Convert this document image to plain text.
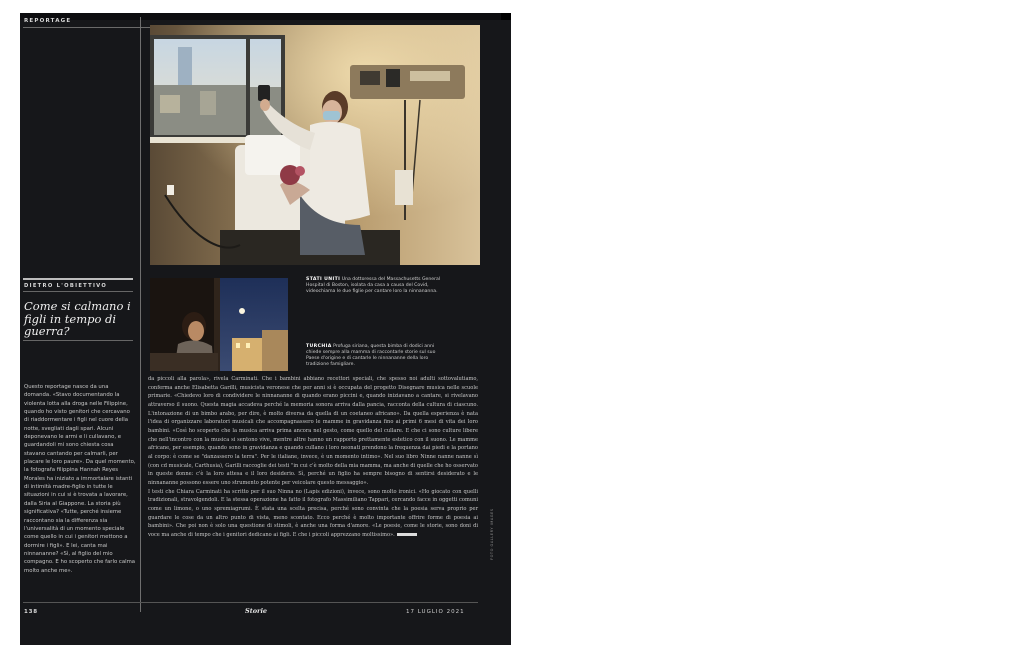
REPORTAGE
STATI UNITI Una dottoressa del Massachusetts General Hospital di Boston, isolata da casa a causa del Covid, videochiama le due figlie per cantare loro la ninnananna.
TURCHIA Profuga siriana, questa bimba di dodici anni chiede sempre alla mamma di raccontarle storie sul suo Paese d'origine e di cantarle le ninnananne della loro tradizione famigliare.
DIETRO L'OBIETTIVO
Come si calmano i figli in tempo di guerra?
Questo reportage nasce da una domanda. «Stavo documentando la violenta lotta alla droga nelle Filippine, quando ho visto genitori che cercavano di riaddormentare i figli nel cuore della notte, svegliati dagli spari. Alcuni deponevano le armi e li cullavano, e guardandoli mi sono chiesta cosa stavano cantando per calmarli, per placare le loro paure». Da quel momento, la fotografa filippina Hannah Reyes Morales ha iniziato a immortalare istanti di intimità madre-figlio in tutte le situazioni in cui si è trovata a lavorare, dalla Siria al Giappone. La storia più significativa? «Tutte, perché insieme raccontano sia la differenza sia l'universalità di un momento speciale come quello in cui i genitori mettono a dormire i figli». E lei, canta mai ninnananne? «Sì, al figlio del mio compagno. E ho scoperto che farlo calma molto anche me».
da piccoli alla parola», rivela Carminati. Che i bambini abbiano recettori speciali, che spesso noi adulti sottovalutiamo, conferma anche Elisabetta Garilli, musicista veronese che per anni si è occupata del progetto Disegnare musica nelle scuole primarie. «Chiedevo loro di condividere le ninnananne di quando erano piccini e, quando iniziavano a cantare, si rivelavano attraverso il suono. Questa magia accadeva perché la memoria sonora arriva dalla pancia, racconta della cultura di ciascuno. L'intonazione di un bimbo arabo, per dire, è molto diversa da quella di un coetaneo africano». Da quella esperienza è nata l'idea di organizzare laboratori musicali che accompagnassero le mamme in gravidanza fino ai primi 6 mesi di vita dei loro bambini. «Così ho scoperto che la musica arriva prima ancora nel gesto, come quello del cullare. E che ci sono culture libere che nell'incontro con la musica si sentono vive, mentre altre hanno un rapporto prettamente estetico con il suono. Le mamme africane, per esempio, quando sono in gravidanza e quando cullano i loro neonati prendono la frequenza dai piedi e la portano al corpo: è come se "danzassero la terra". Per le italiane, invece, è un momento intimo». Nel suo libro Ninne nanne nanne sì (con cd musicale, Carthusia), Garilli raccoglie dei testi "in cui c'è molto della mia mamma, ma anche di quelle che ho osservato in queste donne: c'è la loro attesa e il loro desiderio. Sì, perché un figlio ha sempre bisogno di sentirsi desiderato e le ninnananne possono essere uno strumento potente per veicolare questo messaggio».
I testi che Chiara Carminati ha scritto per il suo Ninna no (Lapis edizioni), invece, sono molto ironici. «Ho giocato con quelli tradizionali, stravolgendoli. E la stessa operazione ha fatto il fotografo Massimiliano Tappari, cercando facce in oggetti comuni come un limone, o uno spremiagrumi. È stata una scelta precisa, perché sono convinta che la poesia serva proprio per guardare le cose da un altro punto di vista, meno scontato. Ecco perché è molto importante offrire forme di poesia ai bambini». Che poi non è solo una questione di stimoli, è anche una forma d'amore. «Le poesie, come le storie, sono doni di voce ma anche di tempo che i genitori dedicano ai figli. E che i piccoli apprezzano moltissimo».	FOTO GALLERY IMAGES
138	Storie	17 LUGLIO 2021
